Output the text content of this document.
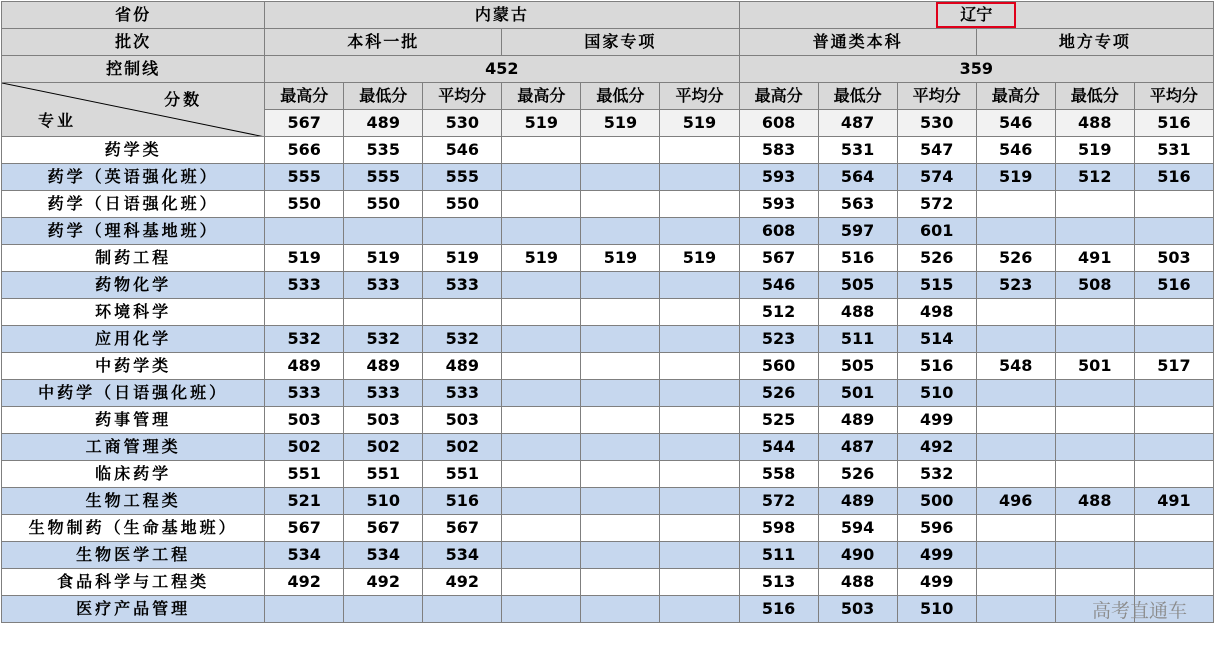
省份	内蒙古						辽宁					
批次	本科一批			国家专项			普通类本科			地方专项		
控制线	452						359					

分数
专业	最高分	最低分	平均分	最高分	最低分	平均分	最高分	最低分	平均分	最高分	最低分	平均分
	567	489	530	519	519	519	608	487	530	546	488	516
药学类	566	535	546				583	531	547	546	519	531
药学（英语强化班）	555	555	555				593	564	574	519	512	516
药学（日语强化班）	550	550	550				593	563	572			
药学（理科基地班）							608	597	601			
制药工程	519	519	519	519	519	519	567	516	526	526	491	503
药物化学	533	533	533				546	505	515	523	508	516
环境科学							512	488	498			
应用化学	532	532	532				523	511	514			
中药学类	489	489	489				560	505	516	548	501	517
中药学（日语强化班）	533	533	533				526	501	510			
药事管理	503	503	503				525	489	499			
工商管理类	502	502	502				544	487	492			
临床药学	551	551	551				558	526	532			
生物工程类	521	510	516				572	489	500	496	488	491
生物制药（生命基地班）	567	567	567				598	594	596			
生物医学工程	534	534	534				511	490	499			
食品科学与工程类	492	492	492				513	488	499			
医疗产品管理							516	503	510				高考直通车
